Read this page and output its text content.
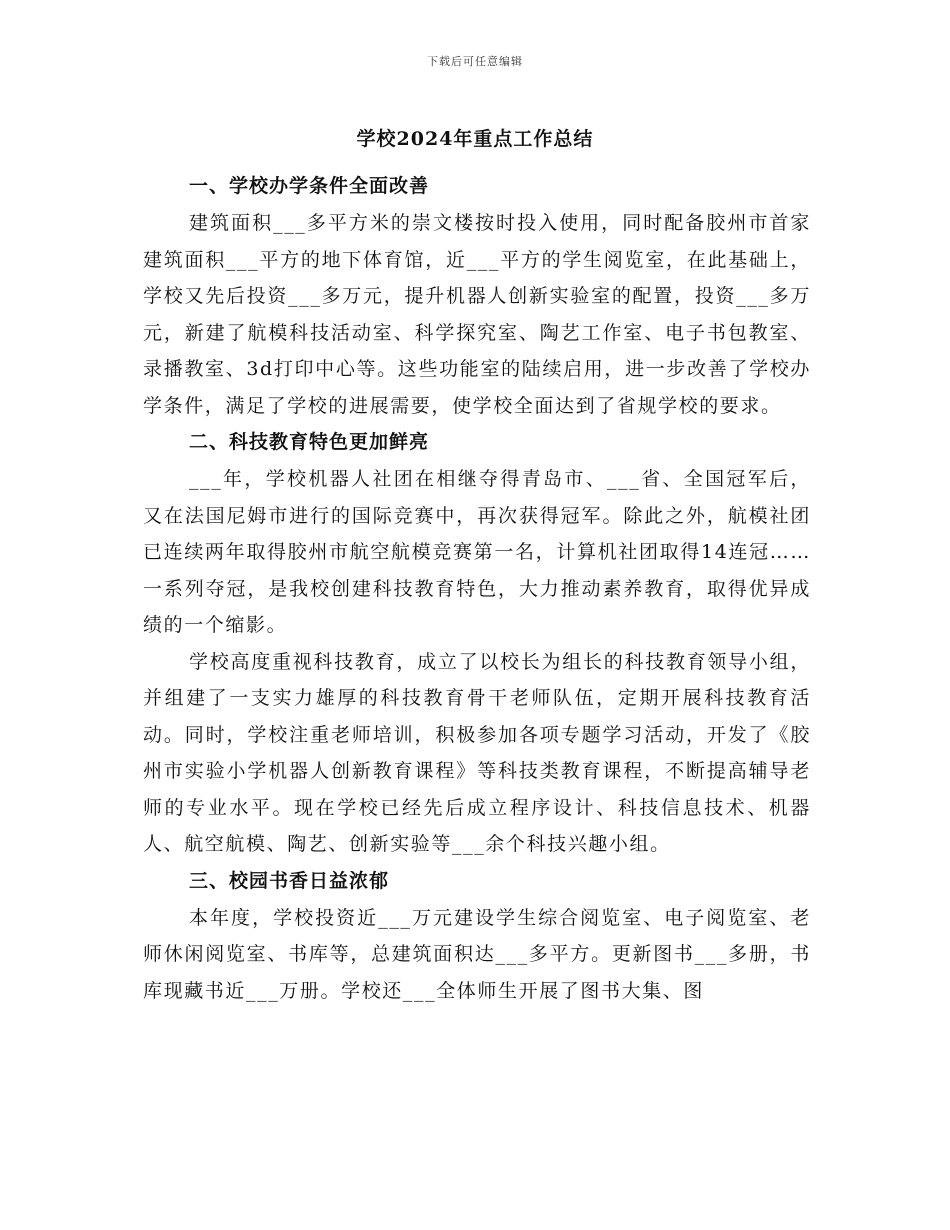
下载后可任意编辑
学校2024年重点工作总结
一、学校办学条件全面改善

建筑面积___多平方米的崇文楼按时投入使用，同时配备胶州市首家建筑面积___平方的地下体育馆，近___平方的学生阅览室，在此基础上，学校又先后投资___多万元，提升机器人创新实验室的配置，投资___多万元，新建了航模科技活动室、科学探究室、陶艺工作室、电子书包教室、录播教室、3d打印中心等。这些功能室的陆续启用，进一步改善了学校办学条件，满足了学校的进展需要，使学校全面达到了省规学校的要求。

二、科技教育特色更加鲜亮

___年，学校机器人社团在相继夺得青岛市、___省、全国冠军后，又在法国尼姆市进行的国际竞赛中，再次获得冠军。除此之外，航模社团已连续两年取得胶州市航空航模竞赛第一名，计算机社团取得14连冠……一系列夺冠，是我校创建科技教育特色，大力推动素养教育，取得优异成绩的一个缩影。

学校高度重视科技教育，成立了以校长为组长的科技教育领导小组，并组建了一支实力雄厚的科技教育骨干老师队伍，定期开展科技教育活动。同时，学校注重老师培训，积极参加各项专题学习活动，开发了《胶州市实验小学机器人创新教育课程》等科技类教育课程，不断提高辅导老师的专业水平。现在学校已经先后成立程序设计、科技信息技术、机器人、航空航模、陶艺、创新实验等___余个科技兴趣小组。

三、校园书香日益浓郁

本年度，学校投资近___万元建设学生综合阅览室、电子阅览室、老师休闲阅览室、书库等，总建筑面积达___多平方。更新图书___多册，书库现藏书近___万册。学校还___全体师生开展了图书大集、图
